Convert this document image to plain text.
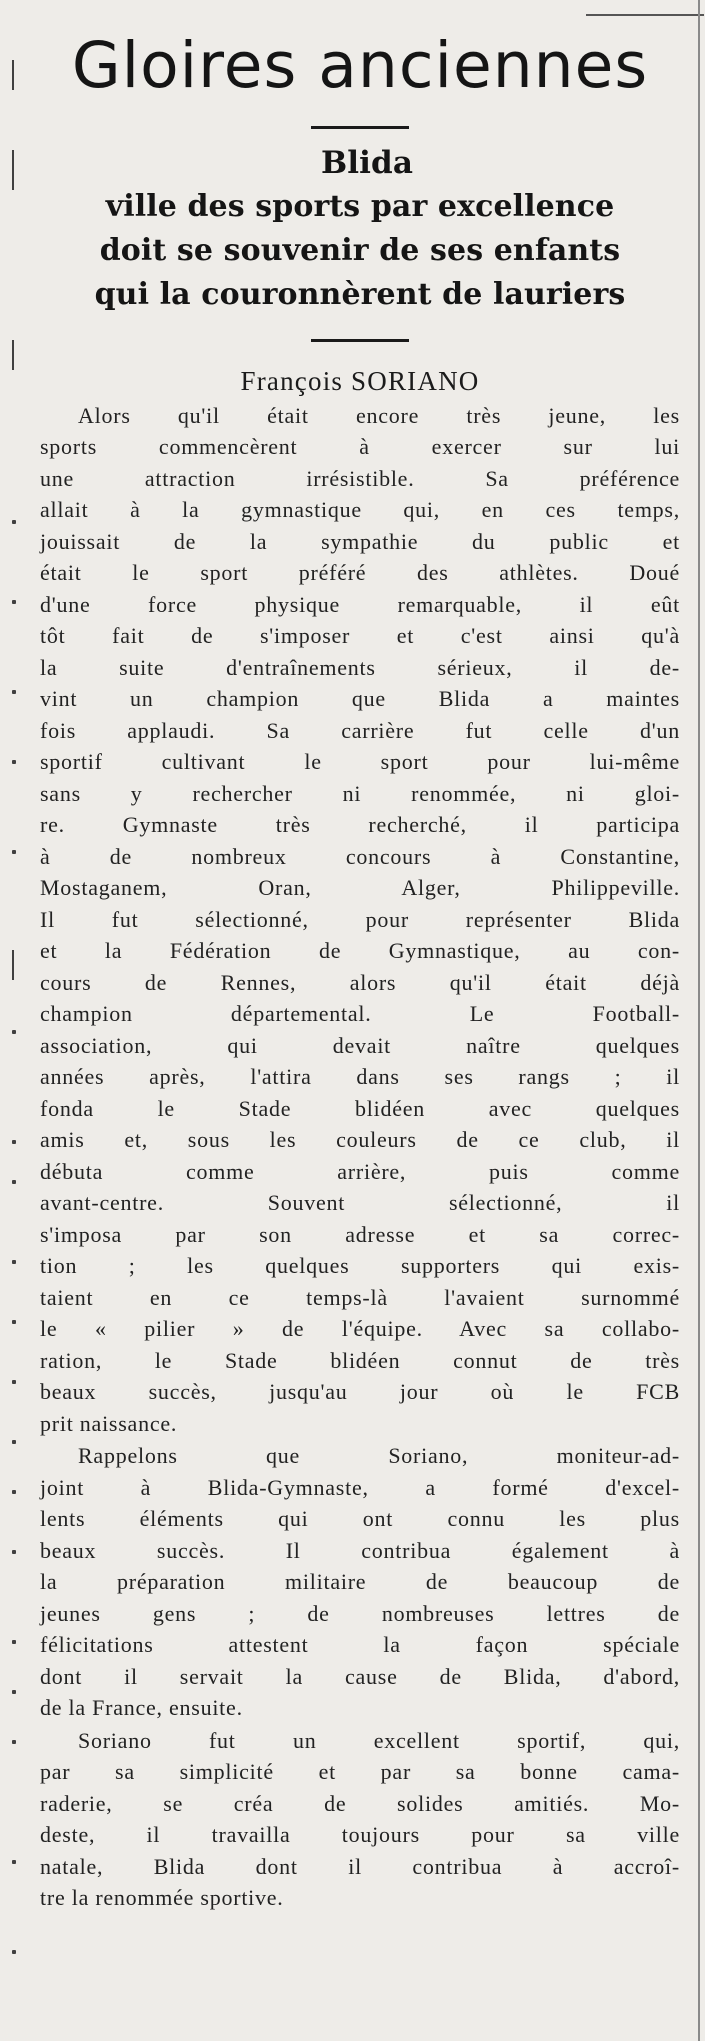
Gloires anciennes
Blida
ville des sports par excellence
doit se souvenir de ses enfants
qui la couronnèrent de lauriers

François SORIANO

Alors qu'il était encore très jeune, les
sports commencèrent à exercer sur lui
une attraction irrésistible. Sa préférence
allait à la gymnastique qui, en ces temps,
jouissait de la sympathie du public et
était le sport préféré des athlètes. Doué
d'une force physique remarquable, il eût
tôt fait de s'imposer et c'est ainsi qu'à
la suite d'entraînements sérieux, il de-
vint un champion que Blida a maintes
fois applaudi. Sa carrière fut celle d'un
sportif cultivant le sport pour lui-même
sans y rechercher ni renommée, ni gloi-
re. Gymnaste très recherché, il participa
à de nombreux concours à Constantine,
Mostaganem, Oran, Alger, Philippeville.
Il fut sélectionné, pour représenter Blida
et la Fédération de Gymnastique, au con-
cours de Rennes, alors qu'il était déjà
champion départemental. Le Football-
association, qui devait naître quelques
années après, l'attira dans ses rangs ; il
fonda le Stade blidéen avec quelques
amis et, sous les couleurs de ce club, il
débuta comme arrière, puis comme
avant-centre. Souvent sélectionné, il
s'imposa par son adresse et sa correc-
tion ; les quelques supporters qui exis-
taient en ce temps-là l'avaient surnommé
le « pilier » de l'équipe. Avec sa collabo-
ration, le Stade blidéen connut de très
beaux succès, jusqu'au jour où le FCB
prit naissance.
Rappelons que Soriano, moniteur-ad-
joint à Blida-Gymnaste, a formé d'excel-
lents éléments qui ont connu les plus
beaux succès. Il contribua également à
la préparation militaire de beaucoup de
jeunes gens ; de nombreuses lettres de
félicitations attestent la façon spéciale
dont il servait la cause de Blida, d'abord,
de la France, ensuite.
Soriano fut un excellent sportif, qui,
par sa simplicité et par sa bonne cama-
raderie, se créa de solides amitiés. Mo-
deste, il travailla toujours pour sa ville
natale, Blida dont il contribua à accroî-
tre la renommée sportive.
